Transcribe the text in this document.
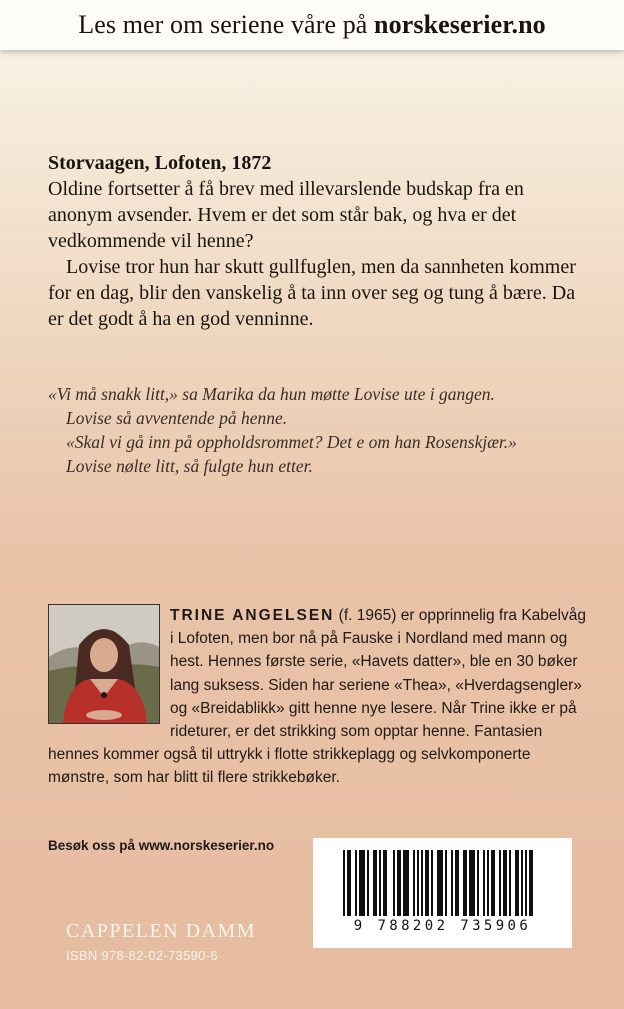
Les mer om seriene våre på norskeserier.no
Storvaagen, Lofoten, 1872

Oldine fortsetter å få brev med illevarslende budskap fra en anonym avsender. Hvem er det som står bak, og hva er det vedkommende vil henne?

Lovise tror hun har skutt gullfuglen, men da sannheten kommer for en dag, blir den vanskelig å ta inn over seg og tung å bære. Da er det godt å ha en god venninne.

«Vi må snakk litt,» sa Marika da hun møtte Lovise ute i gangen.

Lovise så avventende på henne.

«Skal vi gå inn på oppholdsrommet? Det e om han Rosenskjær.»

Lovise nølte litt, så fulgte hun etter.

TRINE ANGELSEN (f. 1965) er opprinnelig fra Kabelvåg i Lofoten, men bor nå på Fauske i Nordland med mann og hest. Hennes første serie, «Havets datter», ble en 30 bøker lang suksess. Siden har seriene «Thea», «Hverdagsengler» og «Breidablikk» gitt henne nye lesere. Når Trine ikke er på rideturer, er det strikking som opptar henne. Fantasien hennes kommer også til uttrykk i flotte strikkeplagg og selvkomponerte mønstre, som har blitt til flere strikkebøker.
Besøk oss på www.norskeserier.no
CAPPELEN DAMM
ISBN 978-82-02-73590-6
9 788202 735906
